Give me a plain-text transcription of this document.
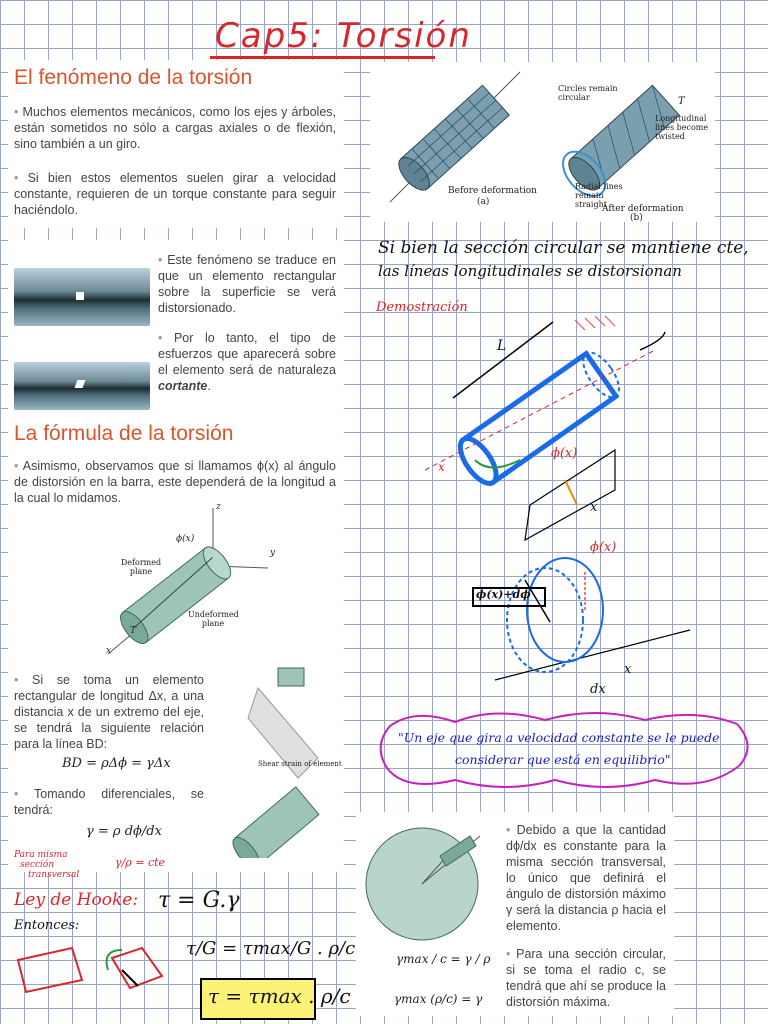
Cap5: Torsión
El fenómeno de la torsión
• Muchos elementos mecánicos, como los ejes y árboles, están sometidos no sólo a cargas axiales o de flexión, sino también a un giro.
• Si bien estos elementos suelen girar a velocidad constante, requieren de un torque constante para seguir haciéndolo.
Before deformation
(a)
After deformation
(b)
Circles remain circular
Longitudinal lines become twisted
Radial lines remain straight
T
• Este fenómeno se traduce en que un elemento rectangular sobre la superficie se verá distorsionado.
• Por lo tanto, el tipo de esfuerzos que aparecerá sobre el elemento será de naturaleza cortante.
La fórmula de la torsión
• Asimismo, observamos que si llamamos ϕ(x) al ángulo de distorsión en la barra, este dependerá de la longitud a la cual lo midamos.
ϕ(x)
Deformed plane
Undeformed plane
z
y
x
T
• Si se toma un elemento rectangular de longitud Δx, a una distancia x de un extremo del eje, se tendrá la siguiente relación para la línea BD:
BD = ρΔϕ = γΔx
• Tomando diferenciales, se tendrá:
γ = ρ dϕ/dx
Shear strain of element
Si bien la sección circular se mantiene cte,
las líneas longitudinales se distorsionan
Demostración
L
x
ϕ(x)
x
ϕ(x)
ϕ(x)+dϕ
dx
x
"Un eje que gira a velocidad constante se le puede
considerar que está en equilibrio"
γmax / c = γ / ρ
γmax (ρ/c) = γ
• Debido a que la cantidad dϕ/dx es constante para la misma sección transversal, lo único que definirá el ángulo de distorsión máximo γ será la distancia ρ hacia el elemento.
• Para una sección circular, si se toma el radio c, se tendrá que ahí se produce la distorsión máxima.
Para misma
sección
transversal
γ/ρ = cte
Ley de Hooke: τ = G.γ
Entonces:
τ/G = τmax/G . ρ/c
τ = τmax . ρ/c
